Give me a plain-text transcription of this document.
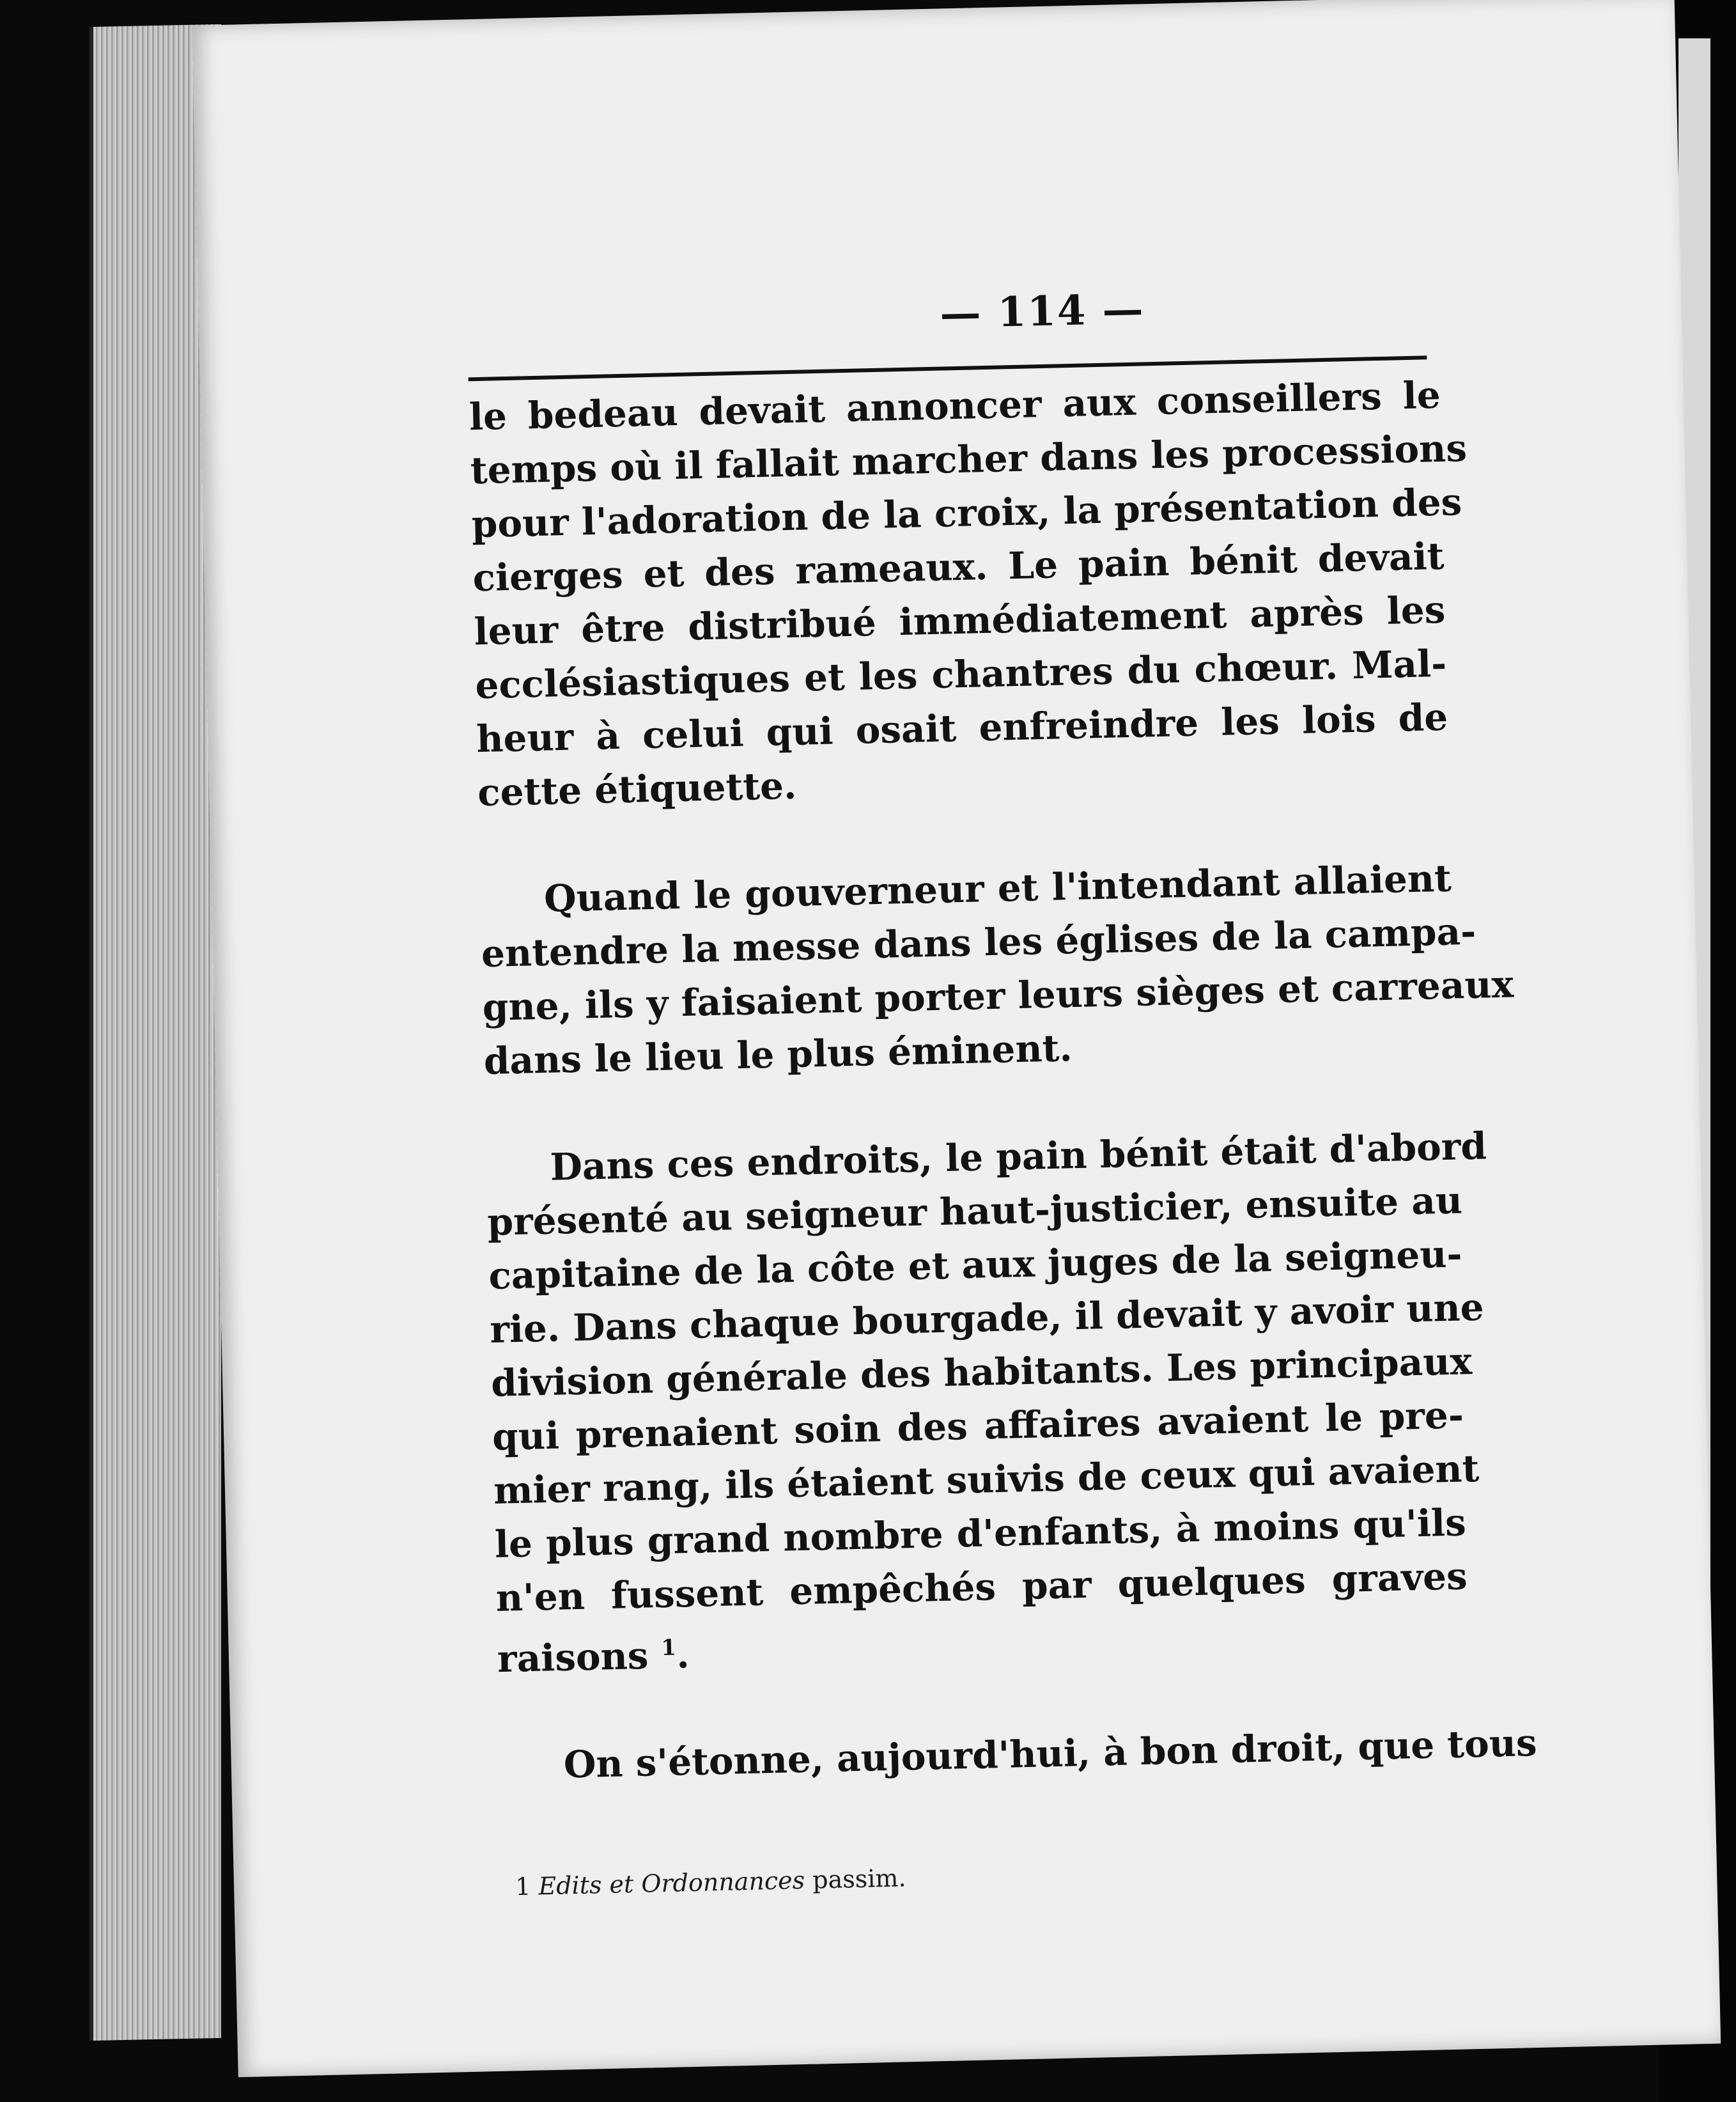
— 114 —
le bedeau devait annoncer aux conseillers le
temps où il fallait marcher dans les processions
pour l'adoration de la croix, la présentation des
cierges et des rameaux. Le pain bénit devait
leur être distribué immédiatement après les
ecclésiastiques et les chantres du chœur. Mal-
heur à celui qui osait enfreindre les lois de
cette étiquette.
Quand le gouverneur et l'intendant allaient
entendre la messe dans les églises de la campa-
gne, ils y faisaient porter leurs sièges et carreaux
dans le lieu le plus éminent.
Dans ces endroits, le pain bénit était d'abord
présenté au seigneur haut-justicier, ensuite au
capitaine de la côte et aux juges de la seigneu-
rie. Dans chaque bourgade, il devait y avoir une
division générale des habitants. Les principaux
qui prenaient soin des affaires avaient le pre-
mier rang, ils étaient suivis de ceux qui avaient
le plus grand nombre d'enfants, à moins qu'ils
n'en fussent empêchés par quelques graves
raisons $^1$.
On s'étonne, aujourd'hui, à bon droit, que tous
1 Edits et Ordonnances passim.
